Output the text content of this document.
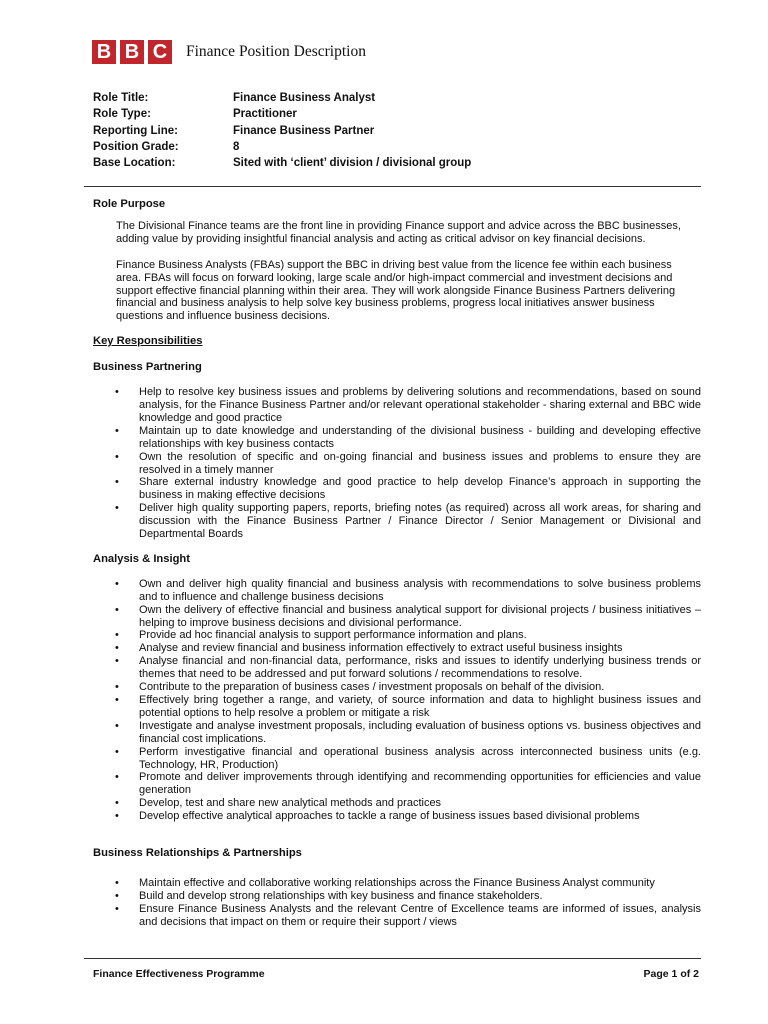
B B C	Finance Position Description
Role Title:	Finance Business Analyst
Role Type:	Practitioner
Reporting Line:	Finance Business Partner
Position Grade:	8
Base Location:	Sited with ‘client’ division / divisional group

Role Purpose

The Divisional Finance teams are the front line in providing Finance support and advice across the BBC businesses, adding value by providing insightful financial analysis and acting as critical advisor on key financial decisions.

Finance Business Analysts (FBAs) support the BBC in driving best value from the licence fee within each business area. FBAs will focus on forward looking, large scale and/or high-impact commercial and investment decisions and support effective financial planning within their area. They will work alongside Finance Business Partners delivering financial and business analysis to help solve key business problems, progress local initiatives answer business questions and influence business decisions.

Key Responsibilities

Business Partnering

• Help to resolve key business issues and problems by delivering solutions and recommendations, based on sound analysis, for the Finance Business Partner and/or relevant operational stakeholder - sharing external and BBC wide knowledge and good practice
• Maintain up to date knowledge and understanding of the divisional business - building and developing effective relationships with key business contacts
• Own the resolution of specific and on-going financial and business issues and problems to ensure they are resolved in a timely manner
• Share external industry knowledge and good practice to help develop Finance’s approach in supporting the business in making effective decisions
• Deliver high quality supporting papers, reports, briefing notes (as required) across all work areas, for sharing and discussion with the Finance Business Partner / Finance Director / Senior Management or Divisional and Departmental Boards

Analysis & Insight

• Own and deliver high quality financial and business analysis with recommendations to solve business problems and to influence and challenge business decisions
• Own the delivery of effective financial and business analytical support for divisional projects / business initiatives – helping to improve business decisions and divisional performance.
• Provide ad hoc financial analysis to support performance information and plans.
• Analyse and review financial and business information effectively to extract useful business insights
• Analyse financial and non-financial data, performance, risks and issues to identify underlying business trends or themes that need to be addressed and put forward solutions / recommendations to resolve.
• Contribute to the preparation of business cases / investment proposals on behalf of the division.
• Effectively bring together a range, and variety, of source information and data to highlight business issues and potential options to help resolve a problem or mitigate a risk
• Investigate and analyse investment proposals, including evaluation of business options vs. business objectives and financial cost implications.
• Perform investigative financial and operational business analysis across interconnected business units (e.g. Technology, HR, Production)
• Promote and deliver improvements through identifying and recommending opportunities for efficiencies and value generation
• Develop, test and share new analytical methods and practices
• Develop effective analytical approaches to tackle a range of business issues based divisional problems

Business Relationships & Partnerships

• Maintain effective and collaborative working relationships across the Finance Business Analyst community
• Build and develop strong relationships with key business and finance stakeholders.
• Ensure Finance Business Analysts and the relevant Centre of Excellence teams are informed of issues, analysis and decisions that impact on them or require their support / views
Finance Effectiveness Programme	Page 1 of 2
